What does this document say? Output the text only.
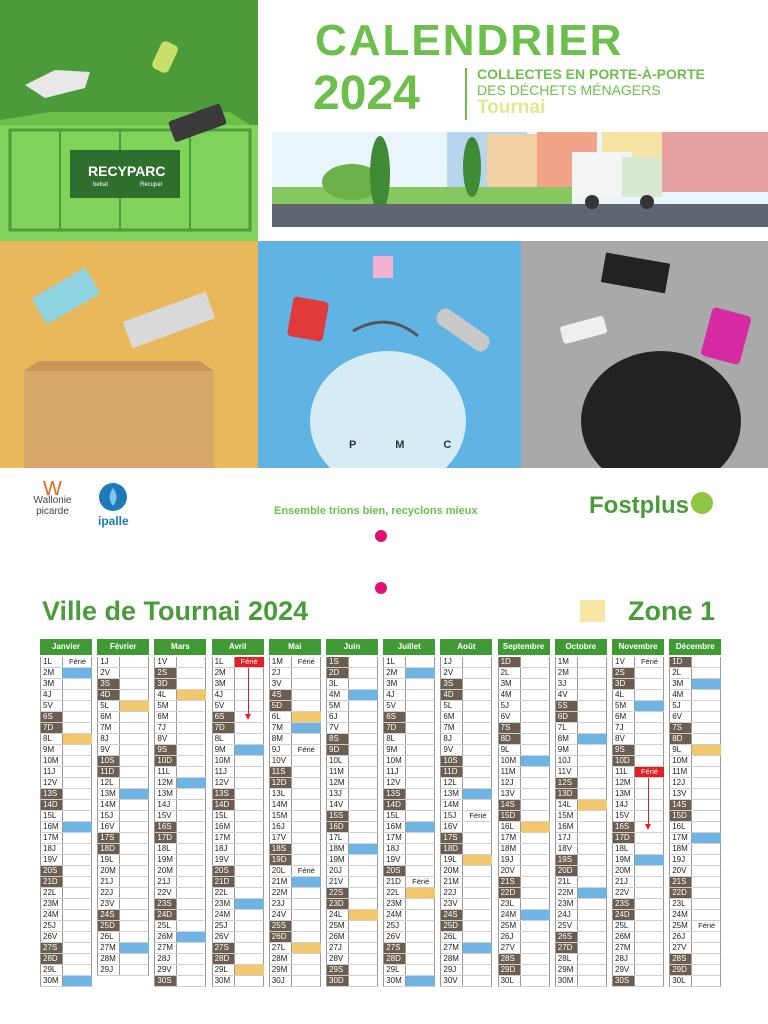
RECYPARC
bebat	Recupel
CALENDRIER
2024	COLLECTES EN PORTE-À-PORTE
DES DÉCHETS MÉNAGERS
Tournai
P M C
W
Wallonie
picarde
ipalle
Ensemble trions bien, recyclons mieux	Fostplus
Ville de Tournai 2024	Zone 1
Janvier
1L	Férié
2M
3M
4J
5V
6S
7D
8L
9M
10M
11J
12V
13S
14D
15L
16M
17M
18J
19V
20S
21D
22L
23M
24M
25J
26V
27S
28D
29L
30M
Février
1J
2V
3S
4D
5L
6M
7M
8J
9V
10S
11D
12L
13M
14M
15J
16V
17S
18D
19L
20M
21J
22J
23V
24S
25D
26L
27M
28M
29J
Mars
1V
2S
3D
4L
5M
6M
7J
8V
9S
10D
11L
12M
13M
14J
15V
16S
17D
18L
19M
20M
21J
22V
23S
24D
25L
26M
27M
28J
29V
30S
Avril
1L	Férié
2M
3M
4J
5V
6S
7D
8L
9M
10M
11J
12V
13S
14D
15L
16M
17M
18J
19V
20S
21D
22L
23M
24M
25J
26V
27S
28D
29L
30M
Mai
1M	Férié
2J
3V
4S
5D
6L
7M
8M
9J	Férié
10V
11S
12D
13L
14M
15M
16J
17V
18S
19D
20L	Férié
21M
22M
23J
24V
25S
26D
27L
28M
29M
30J
Juin
1S
2D
3L
4M
5M
6J
7V
8S
9D
10L
11M
12M
13J
14V
15S
16D
17L
18M
19M
20J
21V
22S
23D
24L
25M
26M
27J
28V
29S
30D
Juillet
1L
2M
3M
4J
5V
6S
7D
8L
9M
10M
11J
12V
13S
14D
15L
16M
17M
18J
19V
20S
21D	Férié
22L
23M
24M
25J
26V
27S
28D
29L
30M
Août
1J
2V
3S
4D
5L
6M
7M
8J
9V
10S
11D
12L
13M
14M
15J	Férié
16V
17S
18D
19L
20M
21M
22J
23V
24S
25D
26L
27M
28M
29J
30V
Septembre
1D
2L
3M
4M
5J
6V
7S
8D
9L
10M
11M
12J
13V
14S
15D
16L
17M
18M
19J
20V
21S
22D
23L
24M
25M
26J
27V
28S
29D
30L
Octobre
1M
2M
3J
4V
5S
6D
7L
8M
9M
10J
11V
12S
13D
14L
15M
16M
17J
18V
19S
20D
21L
22M
23M
24J
25V
26S
27D
28L
29M
30M
Novembre
1V	Férié
2S
3D
4L
5M
6M
7J
8V
9S
10D
11L	Férié
12M
13M
14J
15V
16S
17D
18L
19M
20M
21J
22V
23S
24D
25L
26M
27M
28J
29V
30S
Décembre
1D
2L
3M
4M
5J
6V
7S
8D
9L
10M
11M
12J
13V
14S
15D
16L
17M
18M
19J
20V
21S
22D
23L
24M
25M	Férié
26J
27V
28S
29D
30L
